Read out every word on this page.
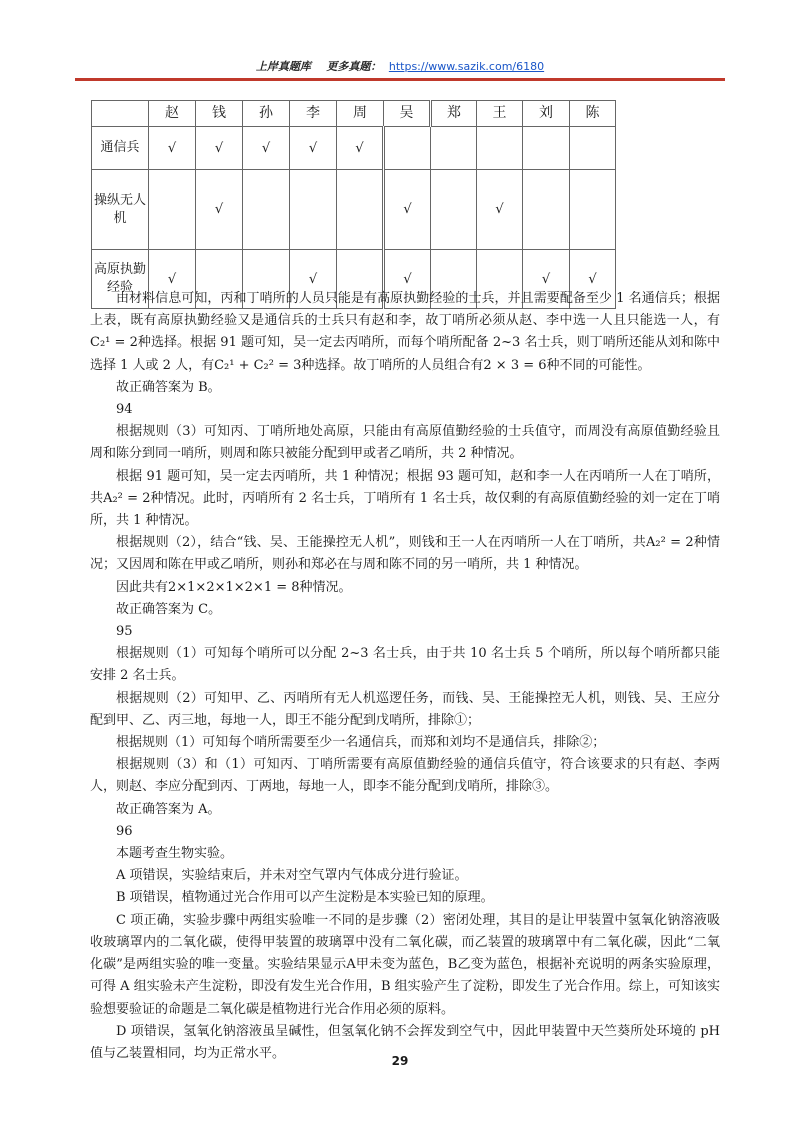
上岸真题库 更多真题： https://www.sazik.com/6180
	赵	钱	孙	李	周	吴	郑	王	刘	陈
通信兵	√	√	√	√	√					
操纵无人机		√				√		√		
高原执勤经验	√			√		√			√	√

由材料信息可知，丙和丁哨所的人员只能是有高原执勤经验的士兵，并且需要配备至少 1 名通信兵；根据上表，既有高原执勤经验又是通信兵的士兵只有赵和李，故丁哨所必须从赵、李中选一人且只能选一人，有C₂¹ = 2种选择。根据 91 题可知，吴一定去丙哨所，而每个哨所配备 2~3 名士兵，则丁哨所还能从刘和陈中选择 1 人或 2 人，有C₂¹ + C₂² = 3种选择。故丁哨所的人员组合有2 × 3 = 6种不同的可能性。

故正确答案为 B。

94

根据规则（3）可知丙、丁哨所地处高原，只能由有高原值勤经验的士兵值守，而周没有高原值勤经验且周和陈分到同一哨所，则周和陈只被能分配到甲或者乙哨所，共 2 种情况。

根据 91 题可知，吴一定去丙哨所，共 1 种情况；根据 93 题可知，赵和李一人在丙哨所一人在丁哨所，共A₂² = 2种情况。此时，丙哨所有 2 名士兵，丁哨所有 1 名士兵，故仅剩的有高原值勤经验的刘一定在丁哨所，共 1 种情况。

根据规则（2），结合“钱、吴、王能操控无人机”，则钱和王一人在丙哨所一人在丁哨所，共A₂² = 2种情况；又因周和陈在甲或乙哨所，则孙和郑必在与周和陈不同的另一哨所，共 1 种情况。

因此共有2×1×2×1×2×1 = 8种情况。

故正确答案为 C。

95

根据规则（1）可知每个哨所可以分配 2~3 名士兵，由于共 10 名士兵 5 个哨所，所以每个哨所都只能安排 2 名士兵。

根据规则（2）可知甲、乙、丙哨所有无人机巡逻任务，而钱、吴、王能操控无人机，则钱、吴、王应分配到甲、乙、丙三地，每地一人，即王不能分配到戊哨所，排除①；

根据规则（1）可知每个哨所需要至少一名通信兵，而郑和刘均不是通信兵，排除②；

根据规则（3）和（1）可知丙、丁哨所需要有高原值勤经验的通信兵值守，符合该要求的只有赵、李两人，则赵、李应分配到丙、丁两地，每地一人，即李不能分配到戊哨所，排除③。

故正确答案为 A。

96

本题考查生物实验。

A 项错误，实验结束后，并未对空气罩内气体成分进行验证。

B 项错误，植物通过光合作用可以产生淀粉是本实验已知的原理。

C 项正确，实验步骤中两组实验唯一不同的是步骤（2）密闭处理，其目的是让甲装置中氢氧化钠溶液吸收玻璃罩内的二氧化碳，使得甲装置的玻璃罩中没有二氧化碳，而乙装置的玻璃罩中有二氧化碳，因此“二氧化碳”是两组实验的唯一变量。实验结果显示A甲未变为蓝色，B乙变为蓝色，根据补充说明的两条实验原理，可得 A 组实验未产生淀粉，即没有发生光合作用，B 组实验产生了淀粉，即发生了光合作用。综上，可知该实验想要验证的命题是二氧化碳是植物进行光合作用必须的原料。

D 项错误，氢氧化钠溶液虽呈碱性，但氢氧化钠不会挥发到空气中，因此甲装置中天竺葵所处环境的 pH 值与乙装置相同，均为正常水平。

29
